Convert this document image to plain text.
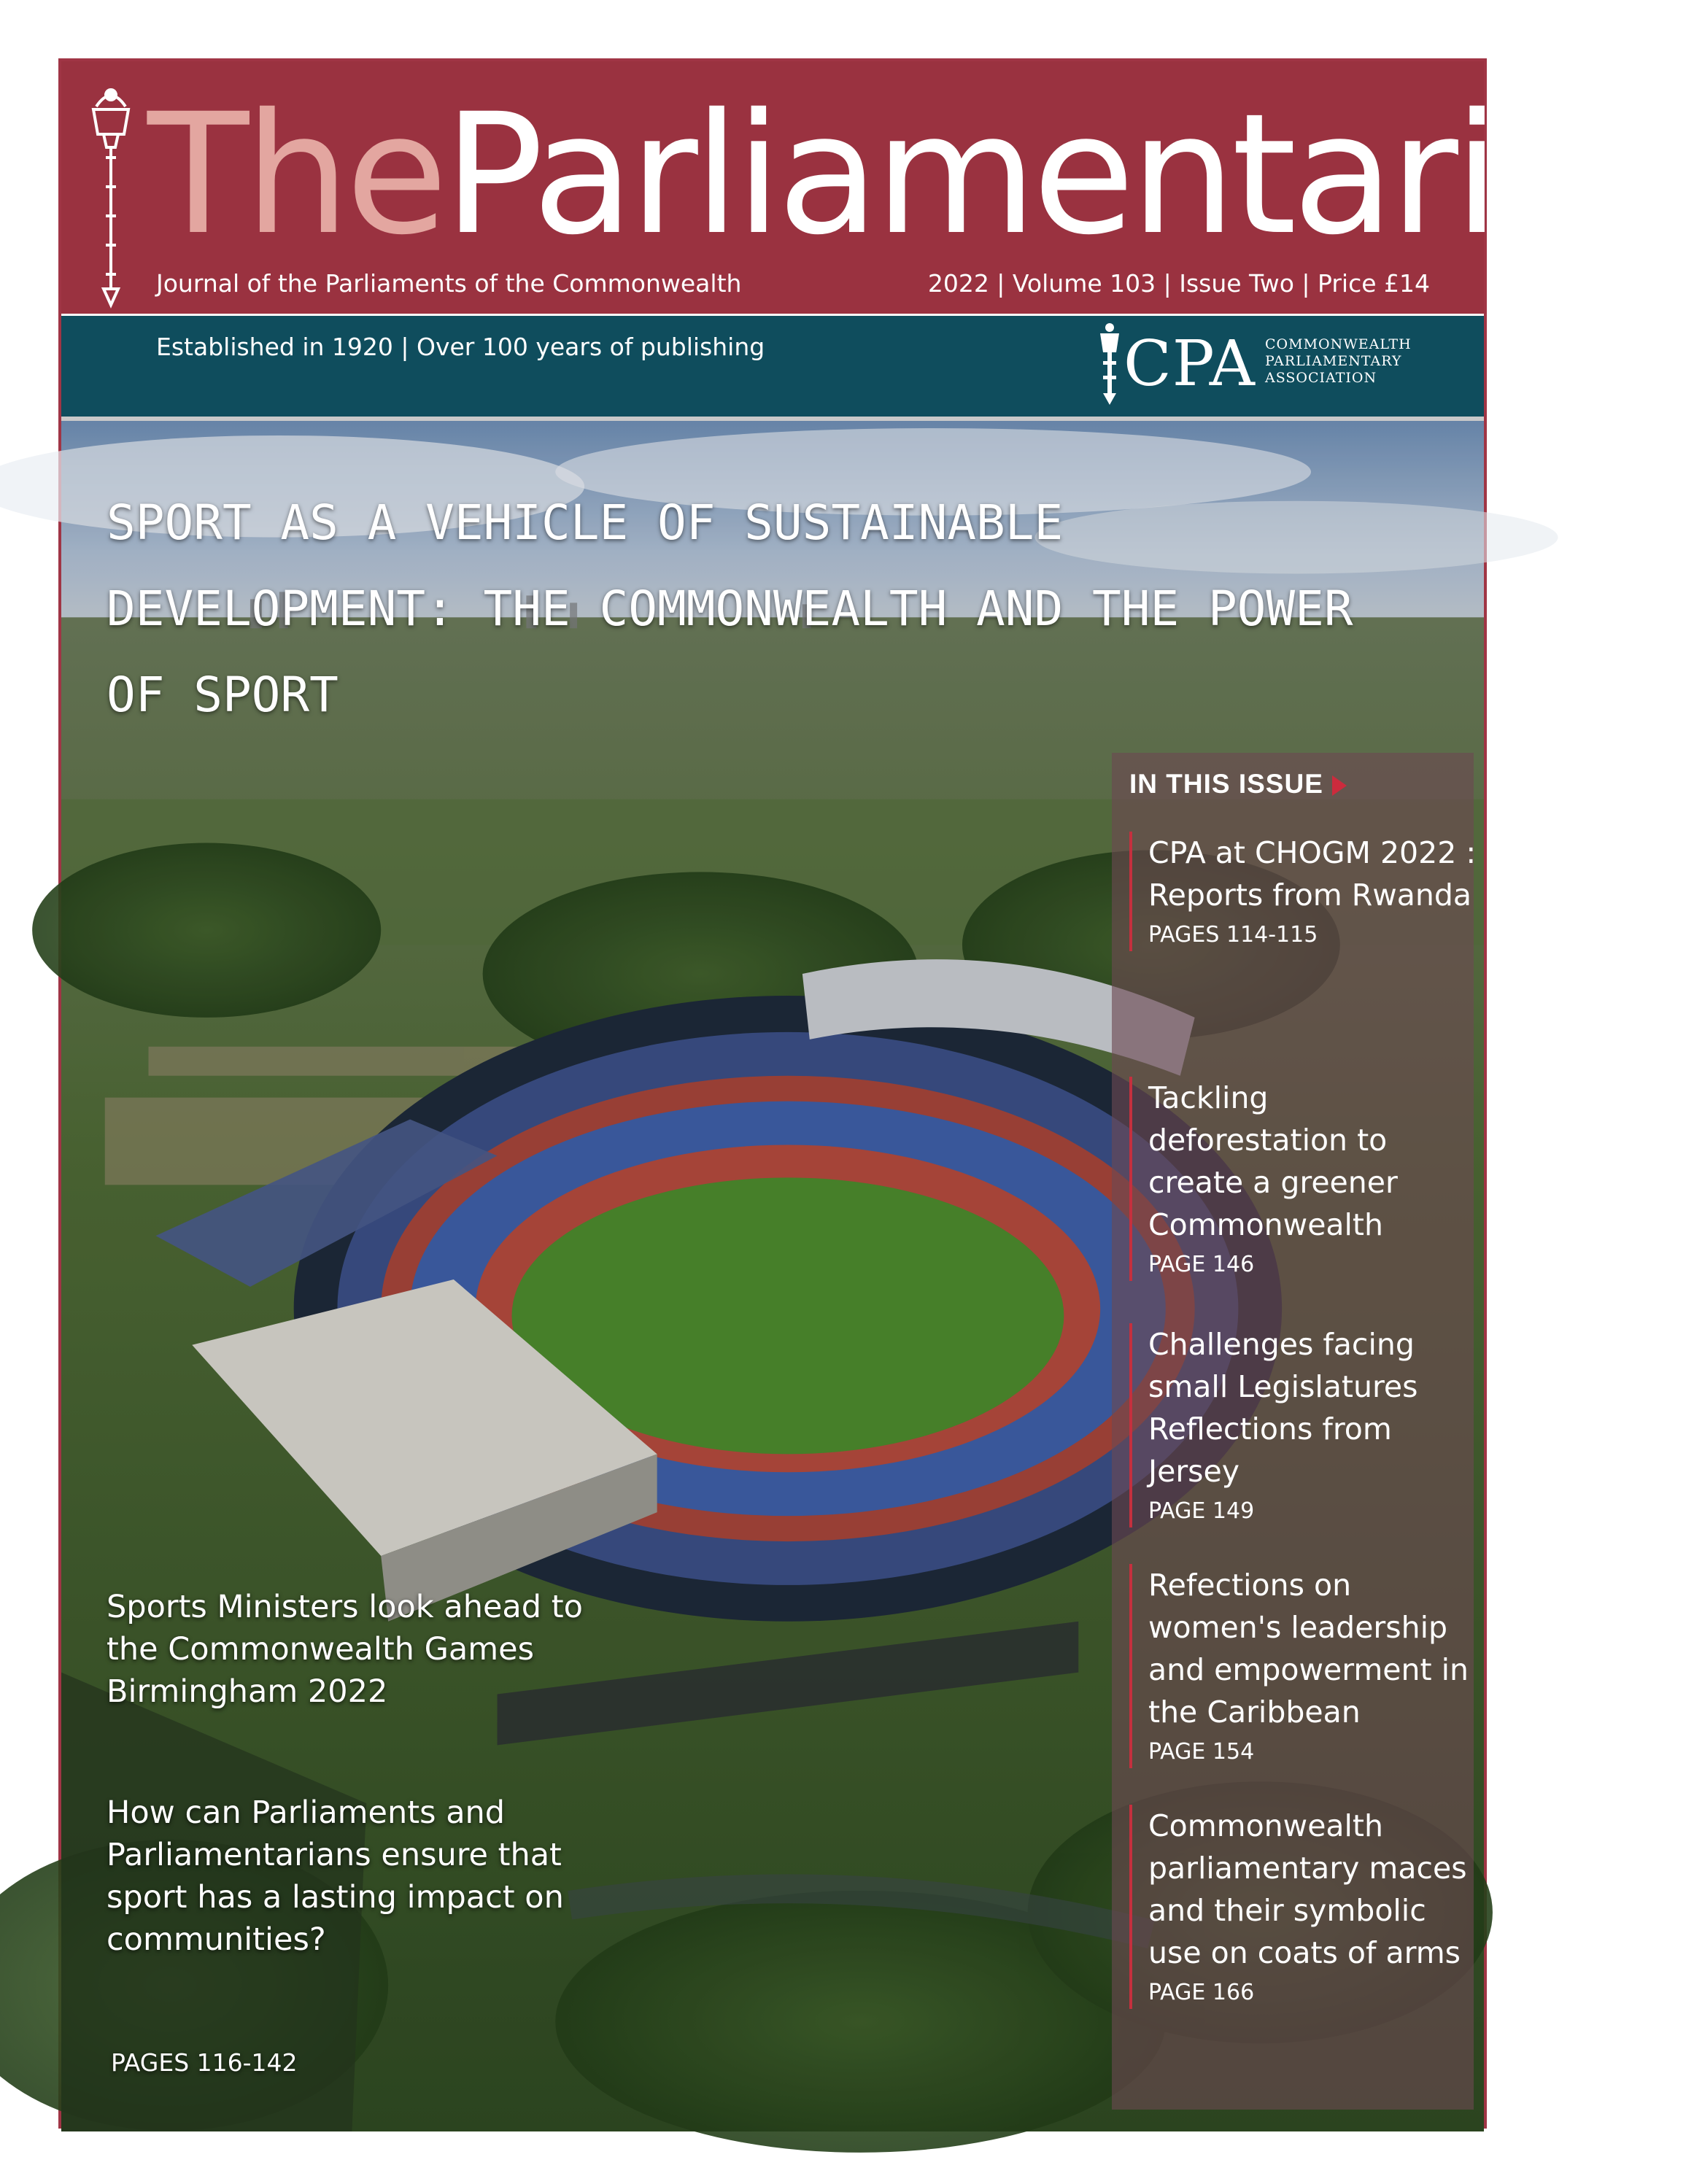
TheParliamentarian
Journal of the Parliaments of the Commonwealth	2022 | Volume 103 | Issue Two | Price £14
Established in 1920 | Over 100 years of publishing	CPA COMMONWEALTH
PARLIAMENTARY
ASSOCIATION
SPORT AS A VEHICLE OF SUSTAINABLE DEVELOPMENT: THE COMMONWEALTH AND THE POWER OF SPORT
Sports Ministers look ahead to the Commonwealth Games Birmingham 2022
How can Parliaments and Parliamentarians ensure that sport has a lasting impact on communities?
PAGES 116-142
IN THIS ISSUE
CPA at CHOGM 2022 : Reports from Rwanda
PAGES 114-115
Tackling deforestation to create a greener Commonwealth
PAGE 146
Challenges facing small Legislatures Reflections from Jersey
PAGE 149
Refections on women's leadership and empowerment in the Caribbean
PAGE 154
Commonwealth parliamentary maces and their symbolic use on coats of arms
PAGE 166
